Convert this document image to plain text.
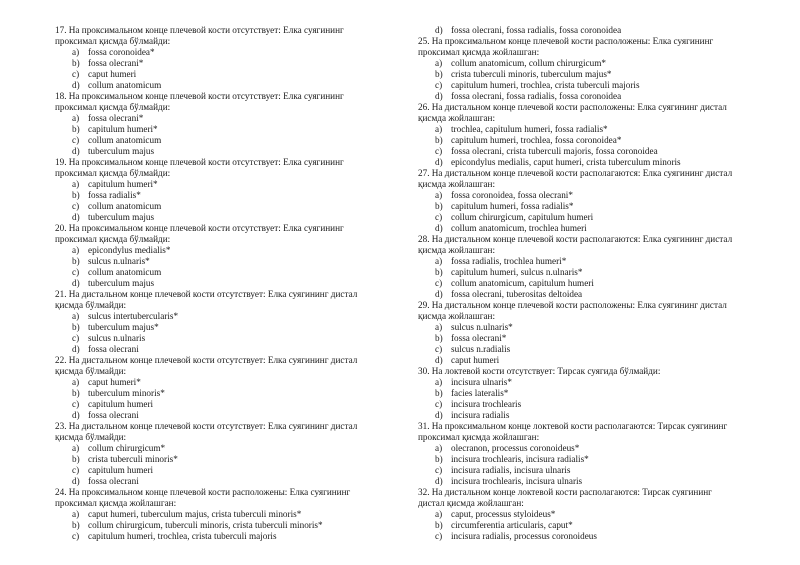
17. На проксимальном конце плечевой кости отсутствует: Елка суягининг
проксимал қисмда бўлмайди:
a) fossa coronoidea*
b) fossa olecrani*
c) caput humeri
d) collum anatomicum
18. На проксимальном конце плечевой кости отсутствует: Елка суягининг
проксимал қисмда бўлмайди:
a) fossa olecrani*
b) capitulum humeri*
c) collum anatomicum
d) tuberculum majus
19. На проксимальном конце плечевой кости отсутствует: Елка суягининг
проксимал қисмда бўлмайди:
a) capitulum humeri*
b) fossa radialis*
c) collum anatomicum
d) tuberculum majus
20. На проксимальном конце плечевой кости отсутствует: Елка суягининг
проксимал қисмда бўлмайди:
a) epicondylus medialis*
b) sulcus n.ulnaris*
c) collum anatomicum
d) tuberculum majus
21. На дистальном конце плечевой кости отсутствует: Елка суягининг дистал
қисмда бўлмайди:
a) sulcus intertubercularis*
b) tuberculum majus*
c) sulcus n.ulnaris
d) fossa olecrani
22. На дистальном конце плечевой кости отсутствует: Елка суягининг дистал
қисмда бўлмайди:
a) caput humeri*
b) tuberculum minoris*
c) capitulum humeri
d) fossa olecrani
23. На дистальном конце плечевой кости отсутствует: Елка суягининг дистал
қисмда бўлмайди:
a) collum chirurgicum*
b) crista tuberculi minoris*
c) capitulum humeri
d) fossa olecrani
24. На проксимальном конце плечевой кости расположены: Елка суягининг
проксимал қисмда жойлашган:
a) caput humeri, tuberculum majus, crista tuberculi minoris*
b) collum chirurgicum, tuberculi minoris, crista tuberculi minoris*
c) capitulum humeri, trochlea, crista tuberculi majoris
d) fossa olecrani, fossa radialis, fossa coronoidea
25. На проксимальном конце плечевой кости расположены: Елка суягининг
проксимал қисмда жойлашган:
a) collum anatomicum, collum chirurgicum*
b) crista tuberculi minoris, tuberculum majus*
c) capitulum humeri, trochlea, crista tuberculi majoris
d) fossa olecrani, fossa radialis, fossa coronoidea
26. На дистальном конце плечевой кости расположены: Елка суягининг дистал
қисмда жойлашган:
a) trochlea, capitulum humeri, fossa radialis*
b) capitulum humeri, trochlea, fossa coronoidea*
c) fossa olecrani, crista tuberculi majoris, fossa coronoidea
d) epicondylus medialis, caput humeri, crista tuberculum minoris
27. На дистальном конце плечевой кости располагаются: Елка суягининг дистал
қисмда жойлашган:
a) fossa coronoidea, fossa olecrani*
b) capitulum humeri, fossa radialis*
c) collum chirurgicum, capitulum humeri
d) collum anatomicum, trochlea humeri
28. На дистальном конце плечевой кости располагаются: Елка суягининг дистал
қисмда жойлашган:
a) fossa radialis, trochlea humeri*
b) capitulum humeri, sulcus n.ulnaris*
c) collum anatomicum, capitulum humeri
d) fossa olecrani, tuberositas deltoidea
29. На дистальном конце плечевой кости расположены: Елка суягининг дистал
қисмда жойлашган:
a) sulcus n.ulnaris*
b) fossa olecrani*
c) sulcus n.radialis
d) caput humeri
30. На локтевой кости отсутствует: Тирсак суягида бўлмайди:
a) incisura ulnaris*
b) facies lateralis*
c) incisura trochlearis
d) incisura radialis
31. На проксимальном конце локтевой кости располагаются: Тирсак суягининг
проксимал қисмда жойлашган:
a) olecranon, processus coronoideus*
b) incisura trochlearis, incisura radialis*
c) incisura radialis, incisura ulnaris
d) incisura trochlearis, incisura ulnaris
32. На дистальном конце локтевой кости располагаются: Тирсак суягининг
дистал қисмда жойлашган:
a) caput, processus styloideus*
b) circumferentia articularis, caput*
c) incisura radialis, processus coronoideus
